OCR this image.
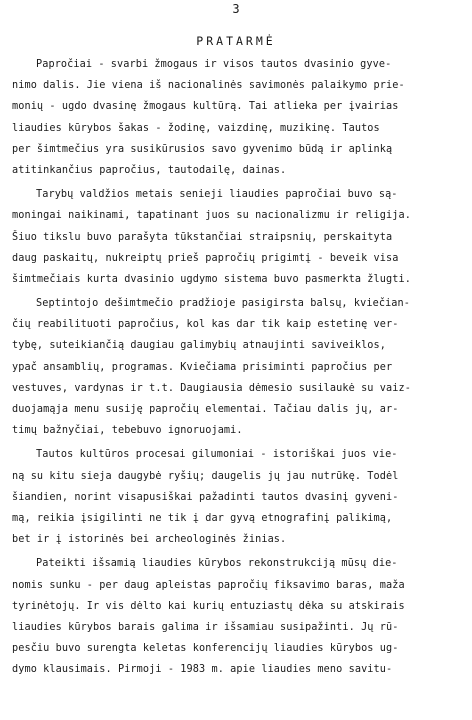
3
PRATARMĖ
Papročiai - svarbi žmogaus ir visos tautos dvasinio gyve-
nimo dalis. Jie viena iš nacionalinės savimonės palaikymo prie-
monių - ugdo dvasinę žmogaus kultūrą. Tai atlieka per įvairias
liaudies kūrybos šakas - žodinę, vaizdinę, muzikinę. Tautos
per šimtmečius yra susikūrusios savo gyvenimo būdą ir aplinką
atitinkančius papročius, tautodailę, dainas.
Tarybų valdžios metais senieji liaudies papročiai buvo są-
moningai naikinami, tapatinant juos su nacionalizmu ir religija.
Šiuo tikslu buvo parašyta tūkstančiai straipsnių, perskaityta
daug paskaitų, nukreiptų prieš papročių prigimtį - beveik visa
šimtmečiais kurta dvasinio ugdymo sistema buvo pasmerkta žlugti.
Septintojo dešimtmečio pradžioje pasigirsta balsų, kviečian-
čių reabilituoti papročius, kol kas dar tik kaip estetinę ver-
tybę, suteikiančią daugiau galimybių atnaujinti saviveiklos,
ypač ansamblių, programas. Kviečiama prisiminti papročius per
vestuves, vardynas ir t.t. Daugiausia dėmesio susilaukė su vaiz-
duojamąja menu susiję papročių elementai. Tačiau dalis jų, ar-
timų bažnyčiai, tebebuvo ignoruojami.
Tautos kultūros procesai gilumoniai - istoriškai juos vie-
ną su kitu sieja daugybė ryšių; daugelis jų jau nutrūkę. Todėl
šiandien, norint visapusiškai pažadinti tautos dvasinį gyveni-
mą, reikia įsigilinti ne tik į dar gyvą etnografinį palikimą,
bet ir į istorinės bei archeologinės žinias.
Pateikti išsamią liaudies kūrybos rekonstrukciją mūsų die-
nomis sunku - per daug apleistas papročių fiksavimo baras, maža
tyrinėtojų. Ir vis dėlto kai kurių entuziastų dėka su atskirais
liaudies kūrybos barais galima ir išsamiau susipažinti. Jų rū-
pesčiu buvo surengta keletas konferencijų liaudies kūrybos ug-
dymo klausimais. Pirmoji - 1983 m. apie liaudies meno savitu-
